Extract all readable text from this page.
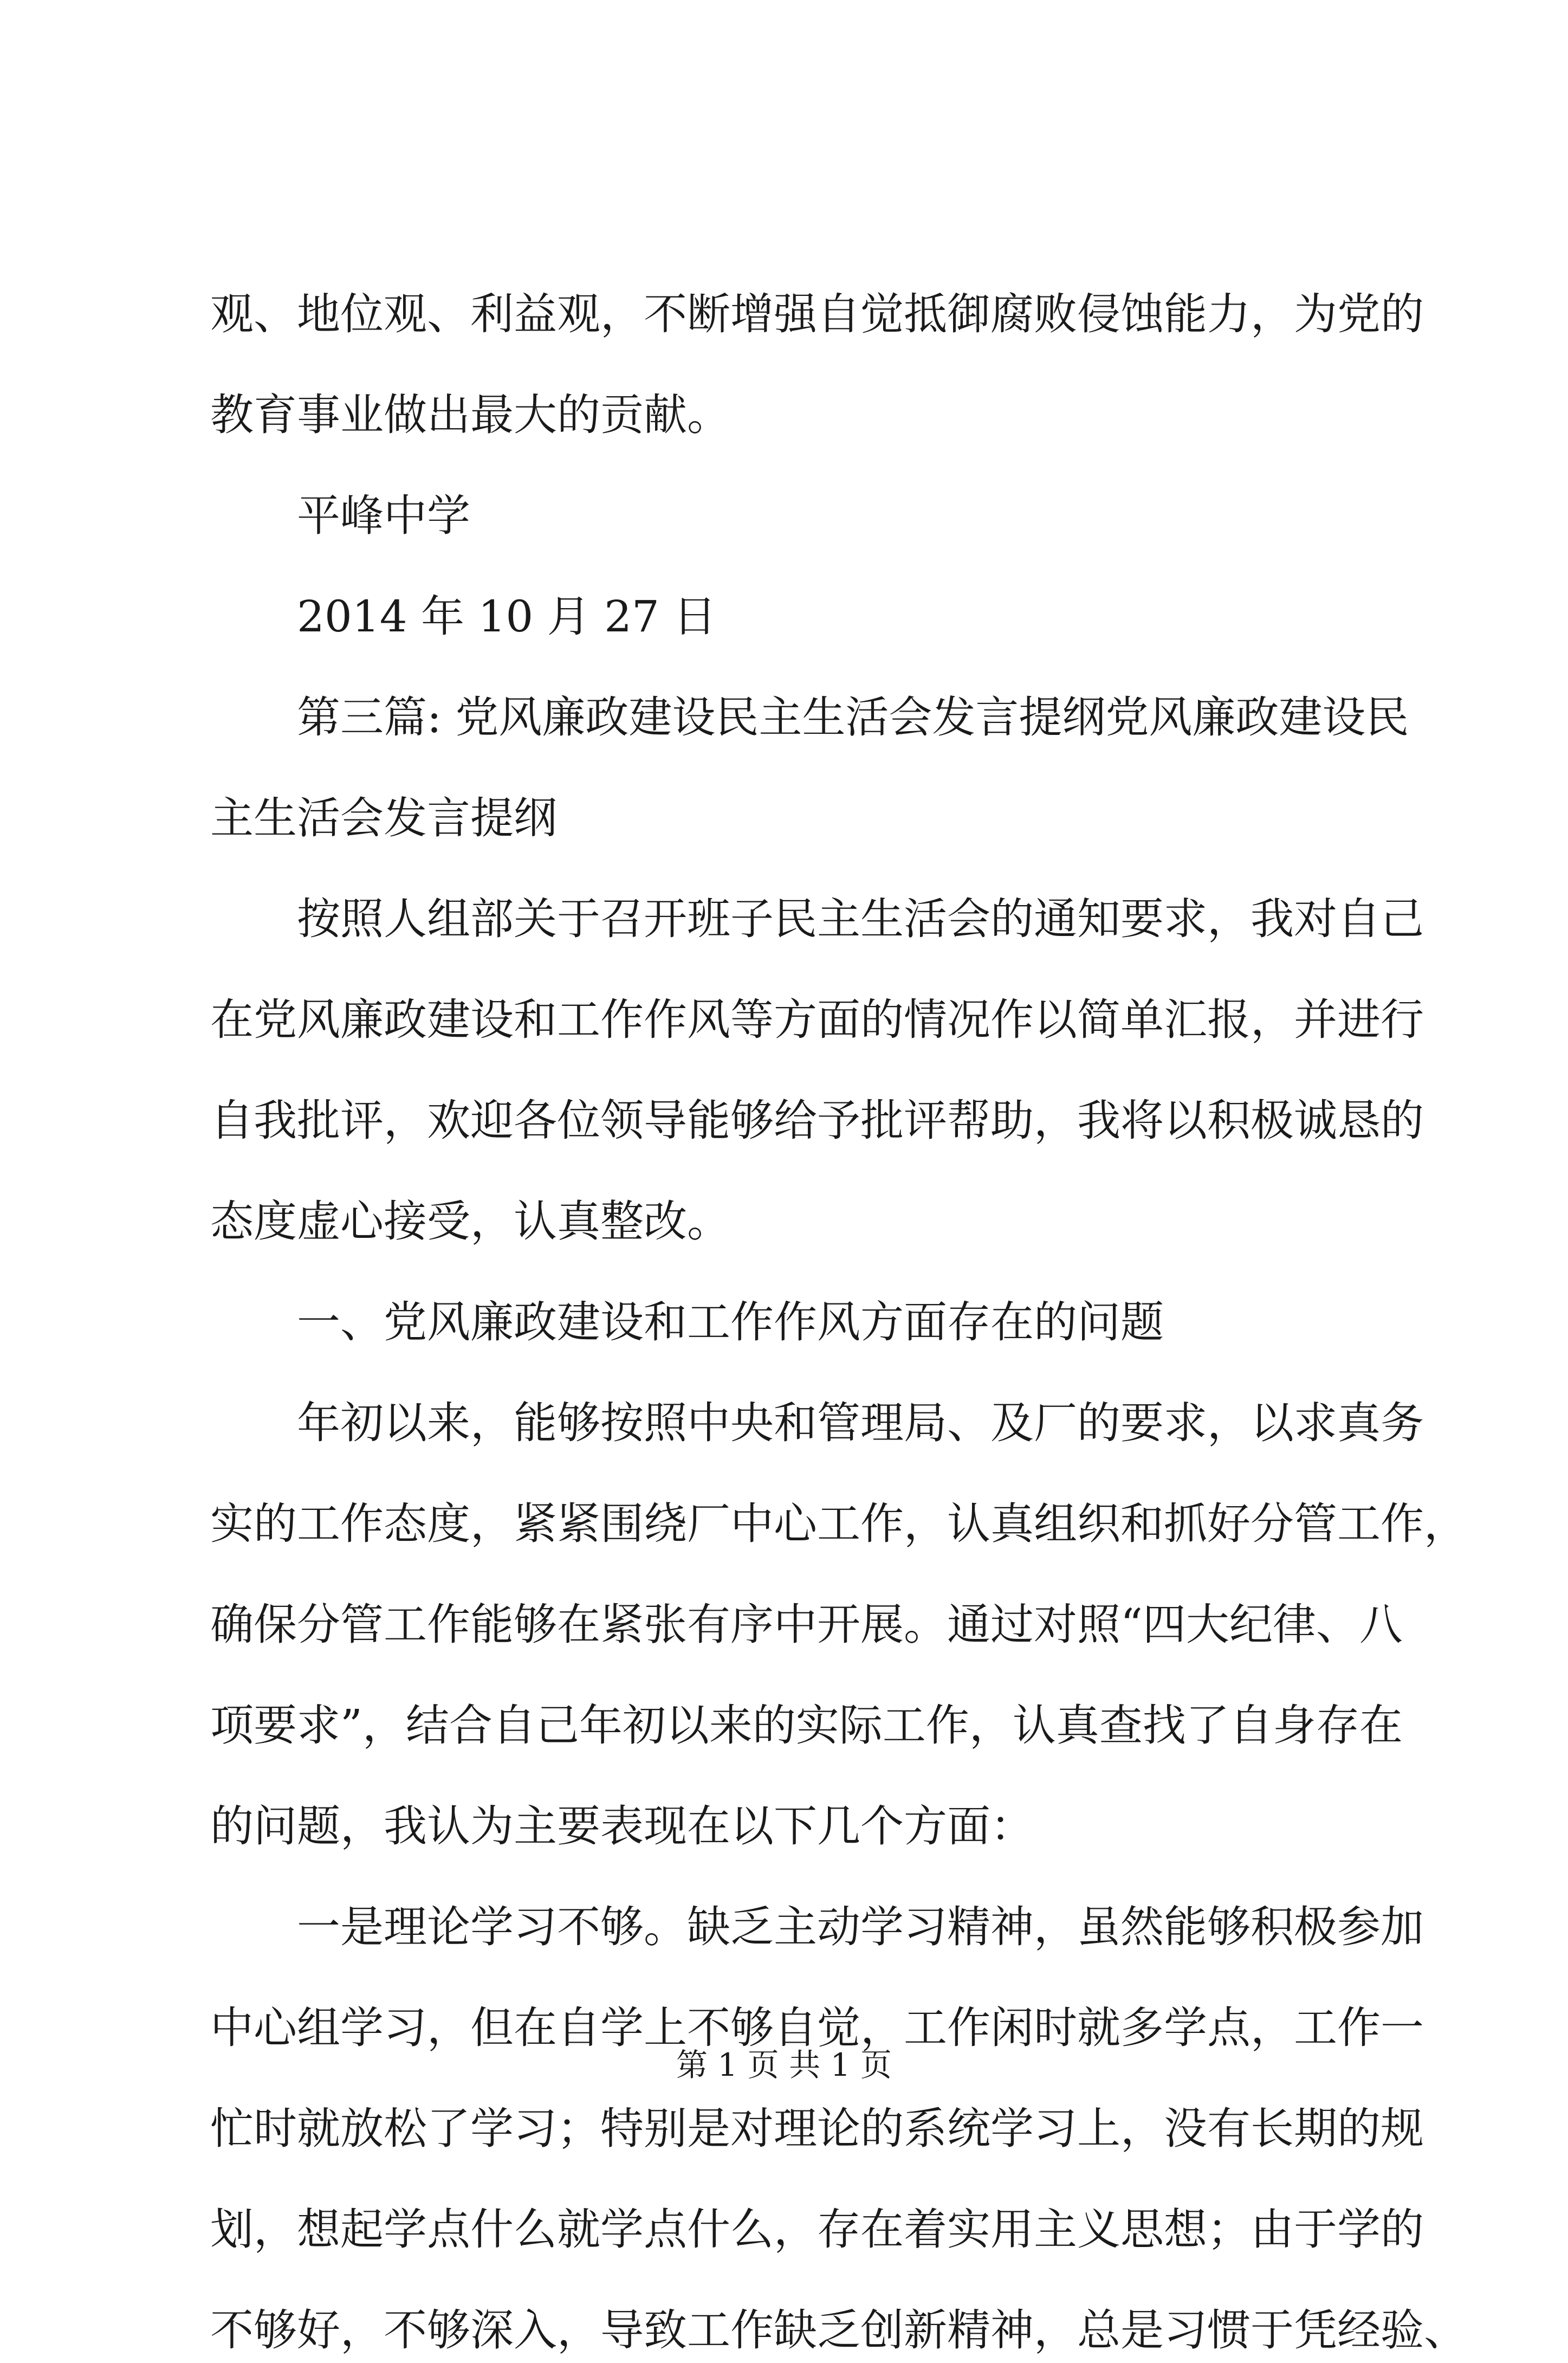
观、地位观、利益观，不断增强自觉抵御腐败侵蚀能力，为党的
教育事业做出最大的贡献。
平峰中学
2014 年 10 月 27 日
第三篇: 党风廉政建设民主生活会发言提纲党风廉政建设民
主生活会发言提纲
按照人组部关于召开班子民主生活会的通知要求，我对自己
在党风廉政建设和工作作风等方面的情况作以简单汇报，并进行
自我批评，欢迎各位领导能够给予批评帮助，我将以积极诚恳的
态度虚心接受，认真整改。
一、党风廉政建设和工作作风方面存在的问题
年初以来，能够按照中央和管理局、及厂的要求，以求真务
实的工作态度，紧紧围绕厂中心工作，认真组织和抓好分管工作，
确保分管工作能够在紧张有序中开展。通过对照“四大纪律、八
项要求”，结合自己年初以来的实际工作，认真查找了自身存在
的问题，我认为主要表现在以下几个方面：
一是理论学习不够。缺乏主动学习精神，虽然能够积极参加
中心组学习，但在自学上不够自觉，工作闲时就多学点，工作一
忙时就放松了学习；特别是对理论的系统学习上，没有长期的规
划，想起学点什么就学点什么，存在着实用主义思想；由于学的
不够好，不够深入，导致工作缺乏创新精神，总是习惯于凭经验、
第 1 页 共 1 页
